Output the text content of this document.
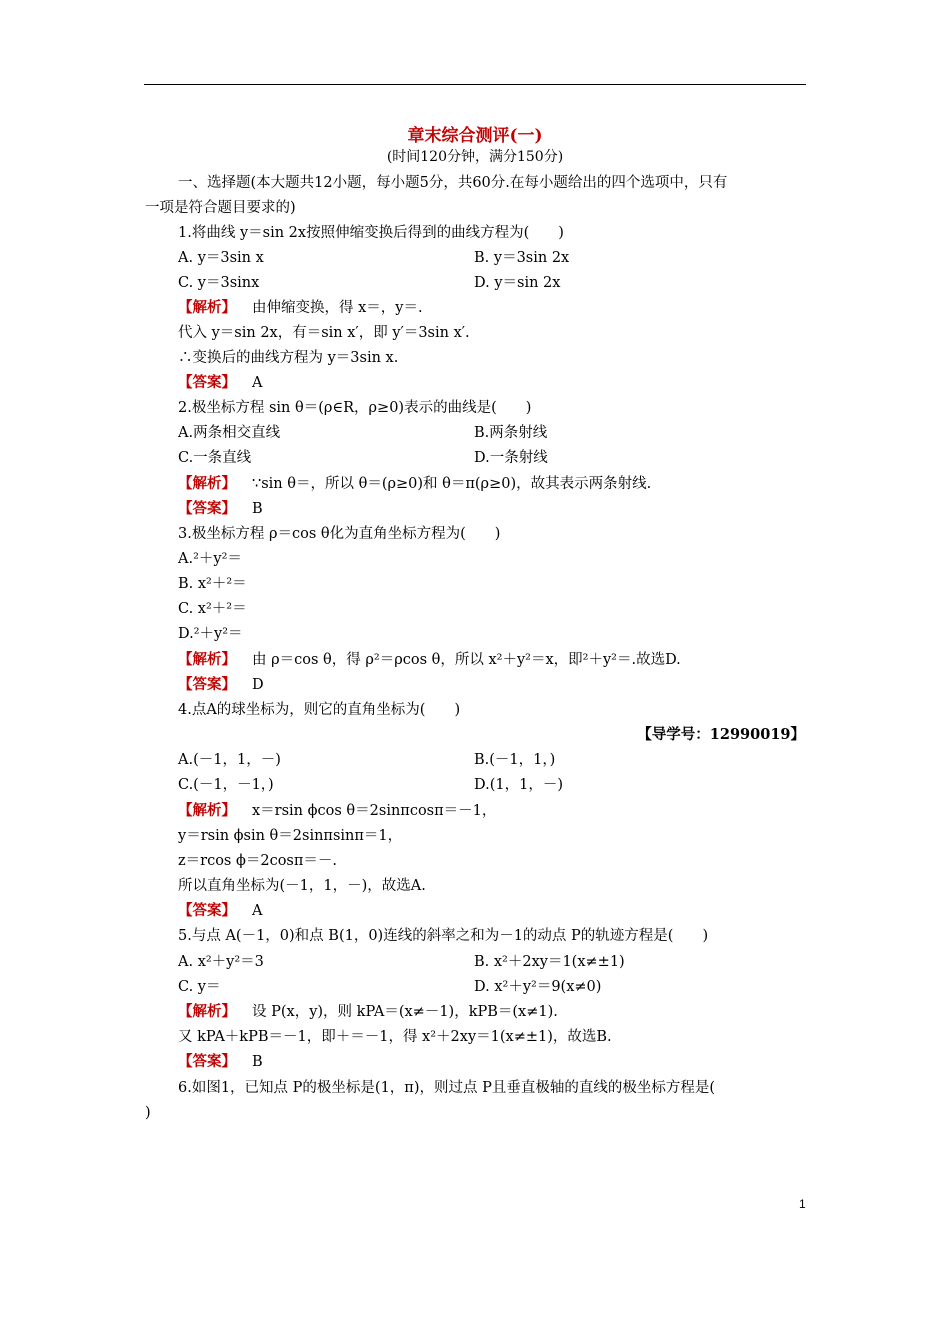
章末综合测评(一)
(时间120分钟，满分150分)
一、选择题(本大题共12小题，每小题5分，共60分.在每小题给出的四个选项中，只有
一项是符合题目要求的)
1.将曲线 y＝sin 2x按照伸缩变换后得到的曲线方程为(　　)
A. y＝3sin x	B. y＝3sin 2x
C. y＝3sinx	D. y＝sin 2x
【解析】 由伸缩变换，得 x＝，y＝.
代入 y＝sin 2x，有＝sin x′，即 y′＝3sin x′.
∴变换后的曲线方程为 y＝3sin x.
【答案】 A
2.极坐标方程 sin θ＝(ρ∈R，ρ≥0)表示的曲线是(　　)
A.两条相交直线	B.两条射线
C.一条直线	D.一条射线
【解析】 ∵sin θ＝，所以 θ＝(ρ≥0)和 θ＝π(ρ≥0)，故其表示两条射线.
【答案】 B
3.极坐标方程 ρ＝cos θ化为直角坐标方程为(　　)
A.²＋y²＝
B. x²＋²＝
C. x²＋²＝
D.²＋y²＝
【解析】 由 ρ＝cos θ，得 ρ²＝ρcos θ，所以 x²＋y²＝x，即²＋y²＝.故选D.
【答案】 D
4.点A的球坐标为，则它的直角坐标为(　　)
【导学号：12990019】
A.(－1，1，－)	B.(－1，1，)
C.(－1，－1，)	D.(1，1，－)
【解析】 x＝rsin ϕcos θ＝2sinπcosπ＝－1，
y＝rsin ϕsin θ＝2sinπsinπ＝1，
z＝rcos ϕ＝2cosπ＝－.
所以直角坐标为(－1，1，－)，故选A.
【答案】 A
5.与点 A(－1，0)和点 B(1，0)连线的斜率之和为－1的动点 P的轨迹方程是(　　)
A. x²＋y²＝3	B. x²＋2xy＝1(x≠±1)
C. y＝	D. x²＋y²＝9(x≠0)
【解析】 设 P(x，y)，则 kPA＝(x≠－1)，kPB＝(x≠1).
又 kPA＋kPB＝－1，即＋＝－1，得 x²＋2xy＝1(x≠±1)，故选B.
【答案】 B
6.如图1，已知点 P的极坐标是(1，π)，则过点 P且垂直极轴的直线的极坐标方程是(
)
1
